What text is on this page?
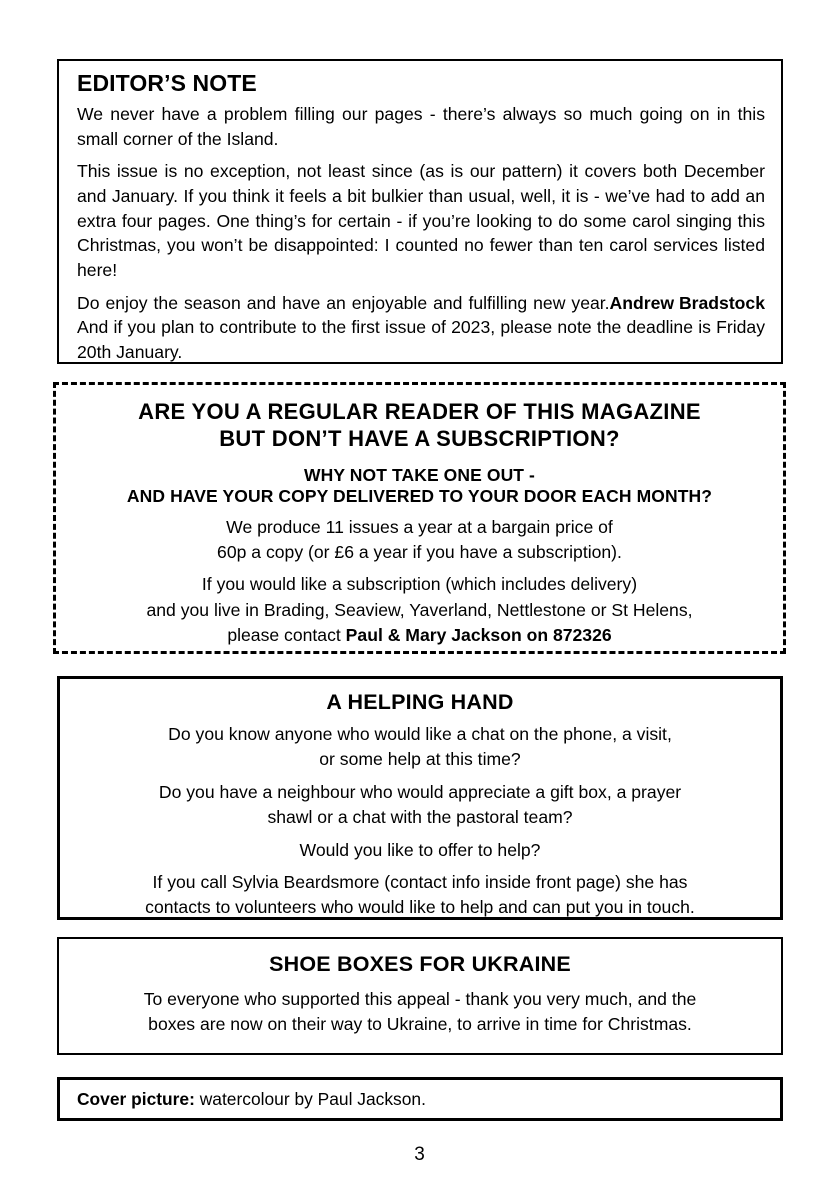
EDITOR’S NOTE

We never have a problem filling our pages - there’s always so much going on in this small corner of the Island.

This issue is no exception, not least since (as is our pattern) it covers both December and January. If you think it feels a bit bulkier than usual, well, it is - we’ve had to add an extra four pages. One thing’s for certain - if you’re looking to do some carol singing this Christmas, you won’t be disappointed: I counted no fewer than ten carol services listed here!

Andrew Bradstock
Do enjoy the season and have an enjoyable and fulfilling new year. And if you plan to contribute to the first issue of 2023, please note the deadline is Friday 20th January.

ARE YOU A REGULAR READER OF THIS MAGAZINE

BUT DON’T HAVE A SUBSCRIPTION?

WHY NOT TAKE ONE OUT -

AND HAVE YOUR COPY DELIVERED TO YOUR DOOR EACH MONTH?

We produce 11 issues a year at a bargain price of

60p a copy (or £6 a year if you have a subscription).

If you would like a subscription (which includes delivery)

and you live in Brading, Seaview, Yaverland, Nettlestone or St Helens,

please contact Paul & Mary Jackson on 872326

A HELPING HAND

Do you know anyone who would like a chat on the phone, a visit,

or some help at this time?

Do you have a neighbour who would appreciate a gift box, a prayer

shawl or a chat with the pastoral team?

Would you like to offer to help?

If you call Sylvia Beardsmore (contact info inside front page) she has

contacts to volunteers who would like to help and can put you in touch.

SHOE BOXES FOR UKRAINE

To everyone who supported this appeal - thank you very much, and the

boxes are now on their way to Ukraine, to arrive in time for Christmas.

Cover picture: watercolour by Paul Jackson.
3
